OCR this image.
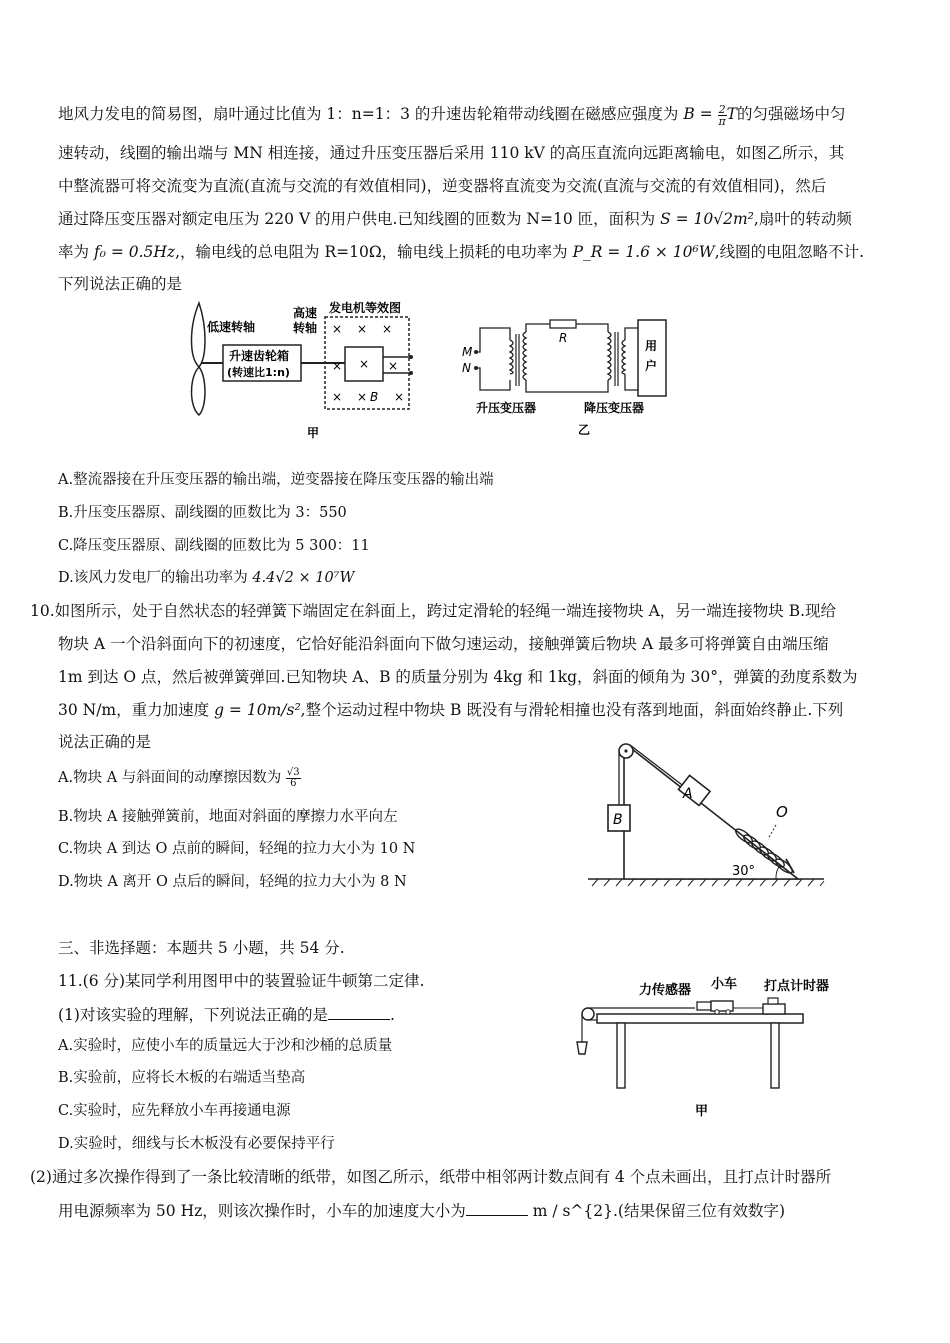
地风力发电的简易图，扇叶通过比值为 1：n=1：3 的升速齿轮箱带动线圈在磁感应强度为 $B = \frac{2}{\pi}$ T的匀强磁场中匀
速转动，线圈的输出端与 MN 相连接，通过升压变压器后采用 110 kV 的高压直流向远距离输电，如图乙所示，其
中整流器可将交流变为直流(直流与交流的有效值相同)，逆变器将直流变为交流(直流与交流的有效值相同)，然后
通过降压变压器对额定电压为 220 V 的用户供电.已知线圈的匝数为 N=10 匝，面积为 S = 10√2m²,扇叶的转动频
率为 f₀ = 0.5Hz,，输电线的总电阻为 R=10Ω，输电线上损耗的电功率为 P_R = 1.6 × 10⁶W,线圈的电阻忽略不计.
下列说法正确的是
低速转轴
升速齿轮箱
(转速比1:n)
高速
转轴
发电机等效图
× × ×
× × ×
B
×
×	×
甲
M
N
R
用
户
升压变压器	降压变压器
乙
A.整流器接在升压变压器的输出端，逆变器接在降压变压器的输出端
B.升压变压器原、副线圈的匝数比为 3：550
C.降压变压器原、副线圈的匝数比为 5 300：11
D.该风力发电厂的输出功率为 4.4√2 × 10⁷W
10.如图所示，处于自然状态的轻弹簧下端固定在斜面上，跨过定滑轮的轻绳一端连接物块 A，另一端连接物块 B.现给
物块 A 一个沿斜面向下的初速度，它恰好能沿斜面向下做匀速运动，接触弹簧后物块 A 最多可将弹簧自由端压缩
1m 到达 O 点，然后被弹簧弹回.已知物块 A、B 的质量分别为 4kg 和 1kg，斜面的倾角为 30°，弹簧的劲度系数为
30 N/m，重力加速度 g = 10m/s²,整个运动过程中物块 B 既没有与滑轮相撞也没有落到地面，斜面始终静止.下列
说法正确的是
A.物块 A 与斜面间的动摩擦因数为 $\frac{√3}{6}$
B.物块 A 接触弹簧前，地面对斜面的摩擦力水平向左
C.物块 A 到达 O 点前的瞬间，轻绳的拉力大小为 10 N
D.物块 A 离开 O 点后的瞬间，轻绳的拉力大小为 8 N
B
A
O
30°
三、非选择题：本题共 5 小题，共 54 分.
11.(6 分)某同学利用图甲中的装置验证牛顿第二定律.
(1)对该实验的理解，下列说法正确的是	.
A.实验时，应使小车的质量远大于沙和沙桶的总质量
B.实验前，应将长木板的右端适当垫高
C.实验时，应先释放小车再接通电源
D.实验时，细线与长木板没有必要保持平行
(2)通过多次操作得到了一条比较清晰的纸带，如图乙所示，纸带中相邻两计数点间有 4 个点未画出，且打点计时器所
用电源频率为 50 Hz，则该次操作时，小车的加速度大小为	m / s^{2}.(结果保留三位有效数字)
力传感器 小车 打点计时器
甲
